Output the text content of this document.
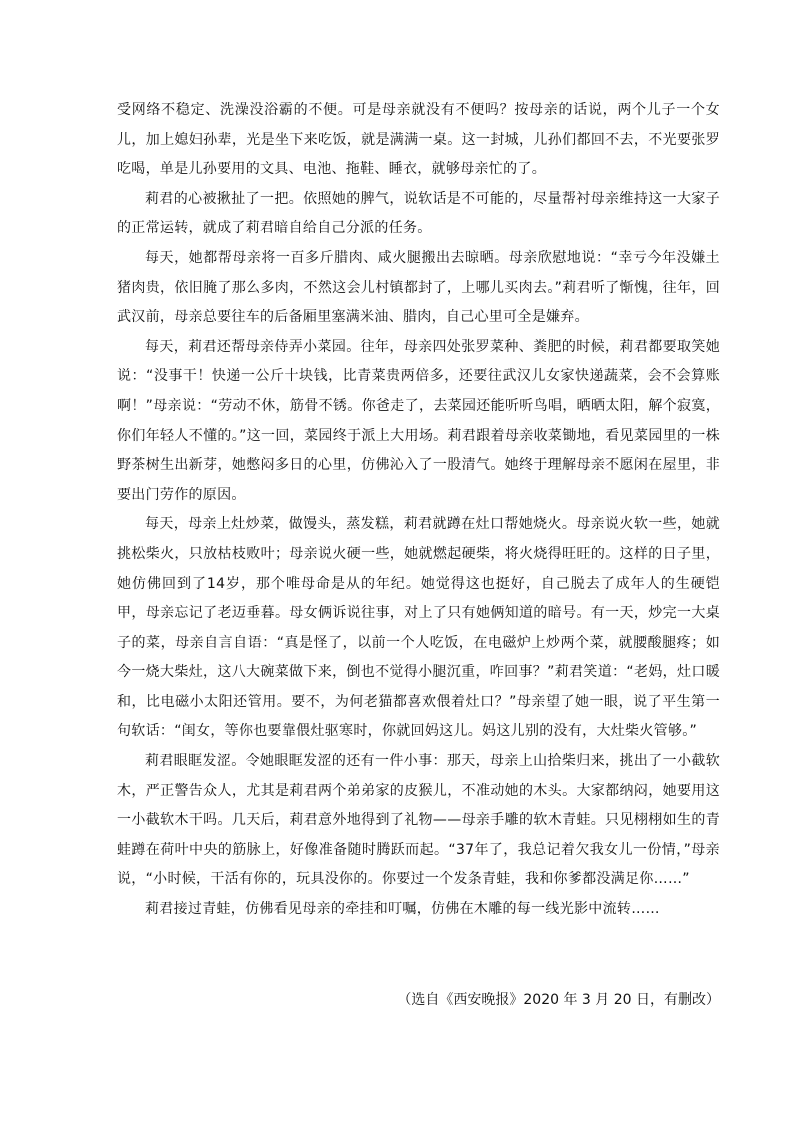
受网络不稳定、洗澡没浴霸的不便。可是母亲就没有不便吗？按母亲的话说，两个儿子一个女儿，加上媳妇孙辈，光是坐下来吃饭，就是满满一桌。这一封城，儿孙们都回不去，不光要张罗吃喝，单是儿孙要用的文具、电池、拖鞋、睡衣，就够母亲忙的了。

莉君的心被揪扯了一把。依照她的脾气，说软话是不可能的，尽量帮衬母亲维持这一大家子的正常运转，就成了莉君暗自给自己分派的任务。

每天，她都帮母亲将一百多斤腊肉、咸火腿搬出去晾晒。母亲欣慰地说：“幸亏今年没嫌土猪肉贵，依旧腌了那么多肉，不然这会儿村镇都封了，上哪儿买肉去。”莉君听了惭愧，往年，回武汉前，母亲总要往车的后备厢里塞满米油、腊肉，自己心里可全是嫌弃。

每天，莉君还帮母亲侍弄小菜园。往年，母亲四处张罗菜种、粪肥的时候，莉君都要取笑她说：“没事干！快递一公斤十块钱，比青菜贵两倍多，还要往武汉儿女家快递蔬菜，会不会算账啊！”母亲说：“劳动不休，筋骨不锈。你爸走了，去菜园还能听听鸟唱，晒晒太阳，解个寂寞，你们年轻人不懂的。”这一回，菜园终于派上大用场。莉君跟着母亲收菜锄地，看见菜园里的一株野茶树生出新芽，她憋闷多日的心里，仿佛沁入了一股清气。她终于理解母亲不愿闲在屋里，非要出门劳作的原因。

每天，母亲上灶炒菜，做馒头，蒸发糕，莉君就蹲在灶口帮她烧火。母亲说火软一些，她就挑松柴火，只放枯枝败叶；母亲说火硬一些，她就燃起硬柴，将火烧得旺旺的。这样的日子里，她仿佛回到了14岁，那个唯母命是从的年纪。她觉得这也挺好，自己脱去了成年人的生硬铠甲，母亲忘记了老迈垂暮。母女俩诉说往事，对上了只有她俩知道的暗号。有一天，炒完一大桌子的菜，母亲自言自语：“真是怪了，以前一个人吃饭，在电磁炉上炒两个菜，就腰酸腿疼；如今一烧大柴灶，这八大碗菜做下来，倒也不觉得小腿沉重，咋回事？”莉君笑道：“老妈，灶口暖和，比电磁小太阳还管用。要不，为何老猫都喜欢偎着灶口？”母亲望了她一眼，说了平生第一句软话：“闺女，等你也要靠偎灶驱寒时，你就回妈这儿。妈这儿别的没有，大灶柴火管够。”

莉君眼眶发涩。令她眼眶发涩的还有一件小事：那天，母亲上山拾柴归来，挑出了一小截软木，严正警告众人，尤其是莉君两个弟弟家的皮猴儿，不准动她的木头。大家都纳闷，她要用这一小截软木干吗。几天后，莉君意外地得到了礼物——母亲手雕的软木青蛙。只见栩栩如生的青蛙蹲在荷叶中央的筋脉上，好像准备随时腾跃而起。“37年了，我总记着欠我女儿一份情，”母亲说，“小时候，干活有你的，玩具没你的。你要过一个发条青蛙，我和你爹都没满足你……”

莉君接过青蛙，仿佛看见母亲的牵挂和叮嘱，仿佛在木雕的每一线光影中流转……

（选自《西安晚报》2020 年 3 月 20 日，有删改）
